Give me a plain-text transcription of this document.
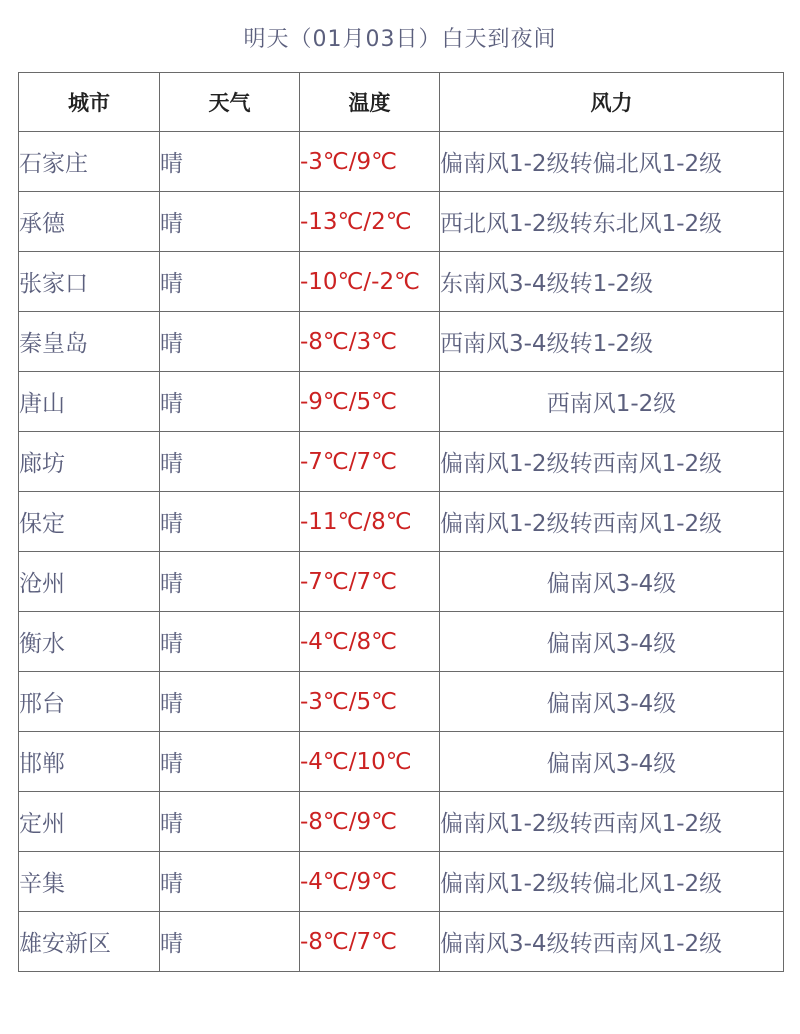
明天（01月03日）白天到夜间
城市	天气	温度	风力
石家庄	晴	-3℃/9℃	偏南风1-2级转偏北风1-2级
承德	晴	-13℃/2℃	西北风1-2级转东北风1-2级
张家口	晴	-10℃/-2℃	东南风3-4级转1-2级
秦皇岛	晴	-8℃/3℃	西南风3-4级转1-2级
唐山	晴	-9℃/5℃	西南风1-2级
廊坊	晴	-7℃/7℃	偏南风1-2级转西南风1-2级
保定	晴	-11℃/8℃	偏南风1-2级转西南风1-2级
沧州	晴	-7℃/7℃	偏南风3-4级
衡水	晴	-4℃/8℃	偏南风3-4级
邢台	晴	-3℃/5℃	偏南风3-4级
邯郸	晴	-4℃/10℃	偏南风3-4级
定州	晴	-8℃/9℃	偏南风1-2级转西南风1-2级
辛集	晴	-4℃/9℃	偏南风1-2级转偏北风1-2级
雄安新区	晴	-8℃/7℃	偏南风3-4级转西南风1-2级
